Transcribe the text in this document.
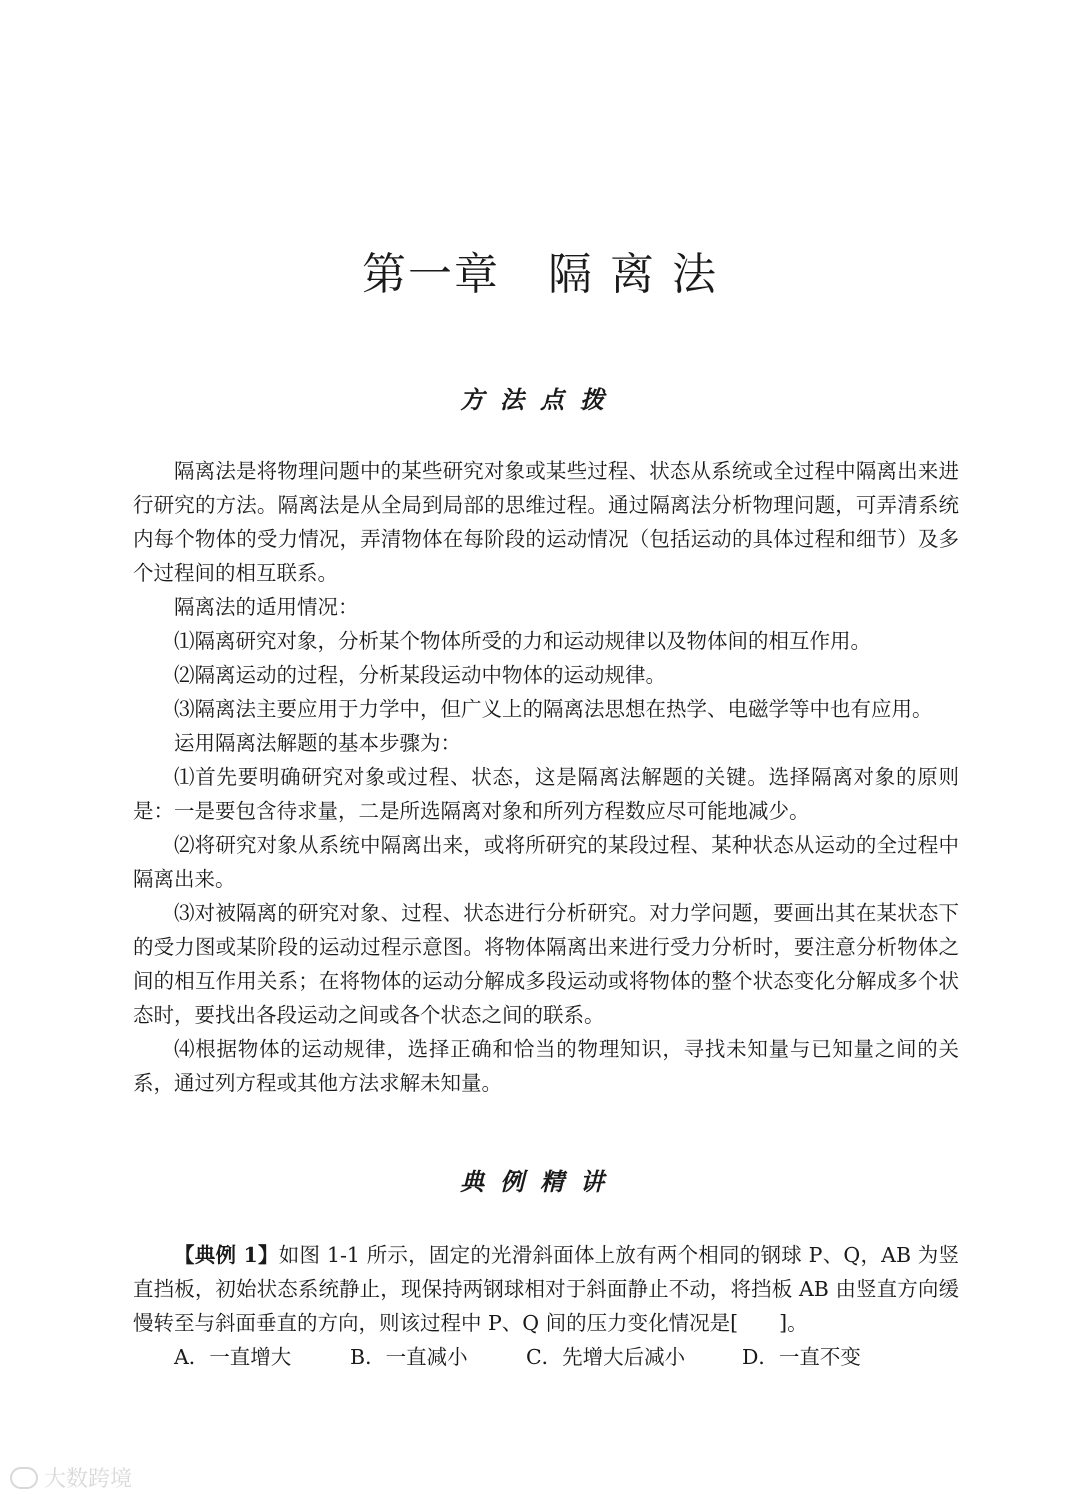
第一章 隔 离 法
方法点拨

隔离法是将物理问题中的某些研究对象或某些过程、状态从系统或全过程中隔离出来进行研究的方法。隔离法是从全局到局部的思维过程。通过隔离法分析物理问题，可弄清系统内每个物体的受力情况，弄清物体在每阶段的运动情况（包括运动的具体过程和细节）及多个过程间的相互联系。

隔离法的适用情况：

⑴隔离研究对象，分析某个物体所受的力和运动规律以及物体间的相互作用。

⑵隔离运动的过程，分析某段运动中物体的运动规律。

⑶隔离法主要应用于力学中，但广义上的隔离法思想在热学、电磁学等中也有应用。

运用隔离法解题的基本步骤为：

⑴首先要明确研究对象或过程、状态，这是隔离法解题的关键。选择隔离对象的原则是：一是要包含待求量，二是所选隔离对象和所列方程数应尽可能地减少。

⑵将研究对象从系统中隔离出来，或将所研究的某段过程、某种状态从运动的全过程中隔离出来。

⑶对被隔离的研究对象、过程、状态进行分析研究。对力学问题，要画出其在某状态下的受力图或某阶段的运动过程示意图。将物体隔离出来进行受力分析时，要注意分析物体之间的相互作用关系；在将物体的运动分解成多段运动或将物体的整个状态变化分解成多个状态时，要找出各段运动之间或各个状态之间的联系。

⑷根据物体的运动规律，选择正确和恰当的物理知识，寻找未知量与已知量之间的关系，通过列方程或其他方法求解未知量。

典例精讲

【典例 1】如图 1-1 所示，固定的光滑斜面体上放有两个相同的钢球 P、Q，AB 为竖直挡板，初始状态系统静止，现保持两钢球相对于斜面静止不动，将挡板 AB 由竖直方向缓慢转至与斜面垂直的方向，则该过程中 P、Q 间的压力变化情况是[　　]。

A．一直增大	B．一直减小	C．先增大后减小	D．一直不变
大数跨境
